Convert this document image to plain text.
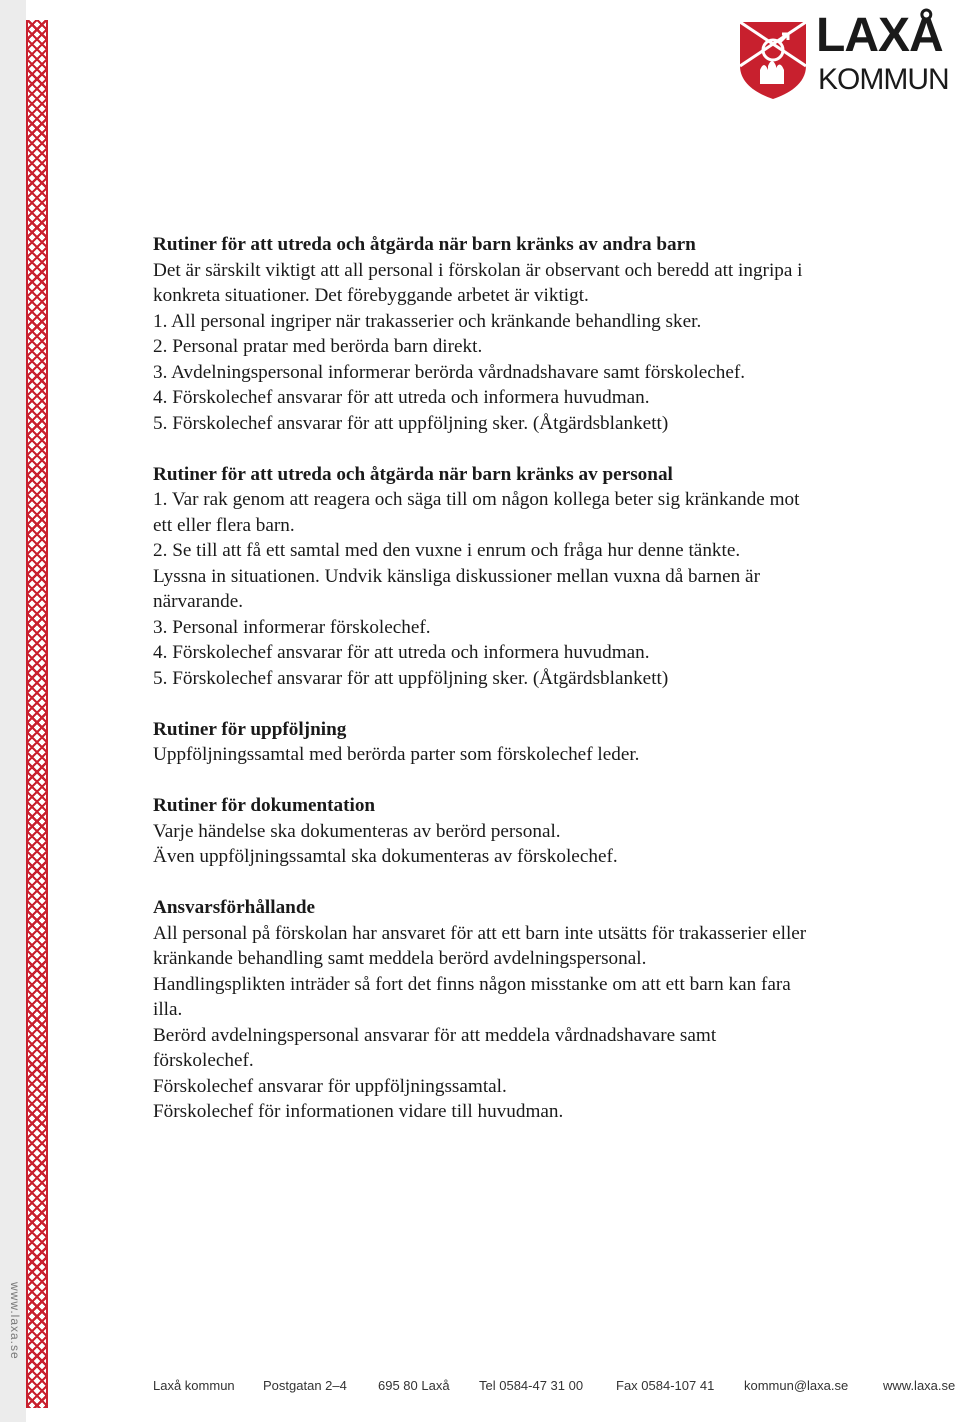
www.laxa.se
LAXÅ
KOMMUN

Rutiner för att utreda och åtgärda när barn kränks av andra barn

Det är särskilt viktigt att all personal i förskolan är observant och beredd att ingripa i

konkreta situationer. Det förebyggande arbetet är viktigt.

1. All personal ingriper när trakasserier och kränkande behandling sker.

2. Personal pratar med berörda barn direkt.

3. Avdelningspersonal informerar berörda vårdnadshavare samt förskolechef.

4. Förskolechef ansvarar för att utreda och informera huvudman.

5. Förskolechef ansvarar för att uppföljning sker. (Åtgärdsblankett)

Rutiner för att utreda och åtgärda när barn kränks av personal

1. Var rak genom att reagera och säga till om någon kollega beter sig kränkande mot

ett eller flera barn.

2. Se till att få ett samtal med den vuxne i enrum och fråga hur denne tänkte.

Lyssna in situationen. Undvik känsliga diskussioner mellan vuxna då barnen är

närvarande.

3. Personal informerar förskolechef.

4. Förskolechef ansvarar för att utreda och informera huvudman.

5. Förskolechef ansvarar för att uppföljning sker. (Åtgärdsblankett)

Rutiner för uppföljning

Uppföljningssamtal med berörda parter som förskolechef leder.

Rutiner för dokumentation

Varje händelse ska dokumenteras av berörd personal.

Även uppföljningssamtal ska dokumenteras av förskolechef.

Ansvarsförhållande

All personal på förskolan har ansvaret för att ett barn inte utsätts för trakasserier eller

kränkande behandling samt meddela berörd avdelningspersonal.

Handlingsplikten inträder så fort det finns någon misstanke om att ett barn kan fara

illa.

Berörd avdelningspersonal ansvarar för att meddela vårdnadshavare samt

förskolechef.

Förskolechef ansvarar för uppföljningssamtal.

Förskolechef för informationen vidare till huvudman.

Laxå kommun Postgatan 2–4 695 80 Laxå Tel 0584-47 31 00	Fax 0584-107 41 kommun@laxa.se	www.laxa.se
